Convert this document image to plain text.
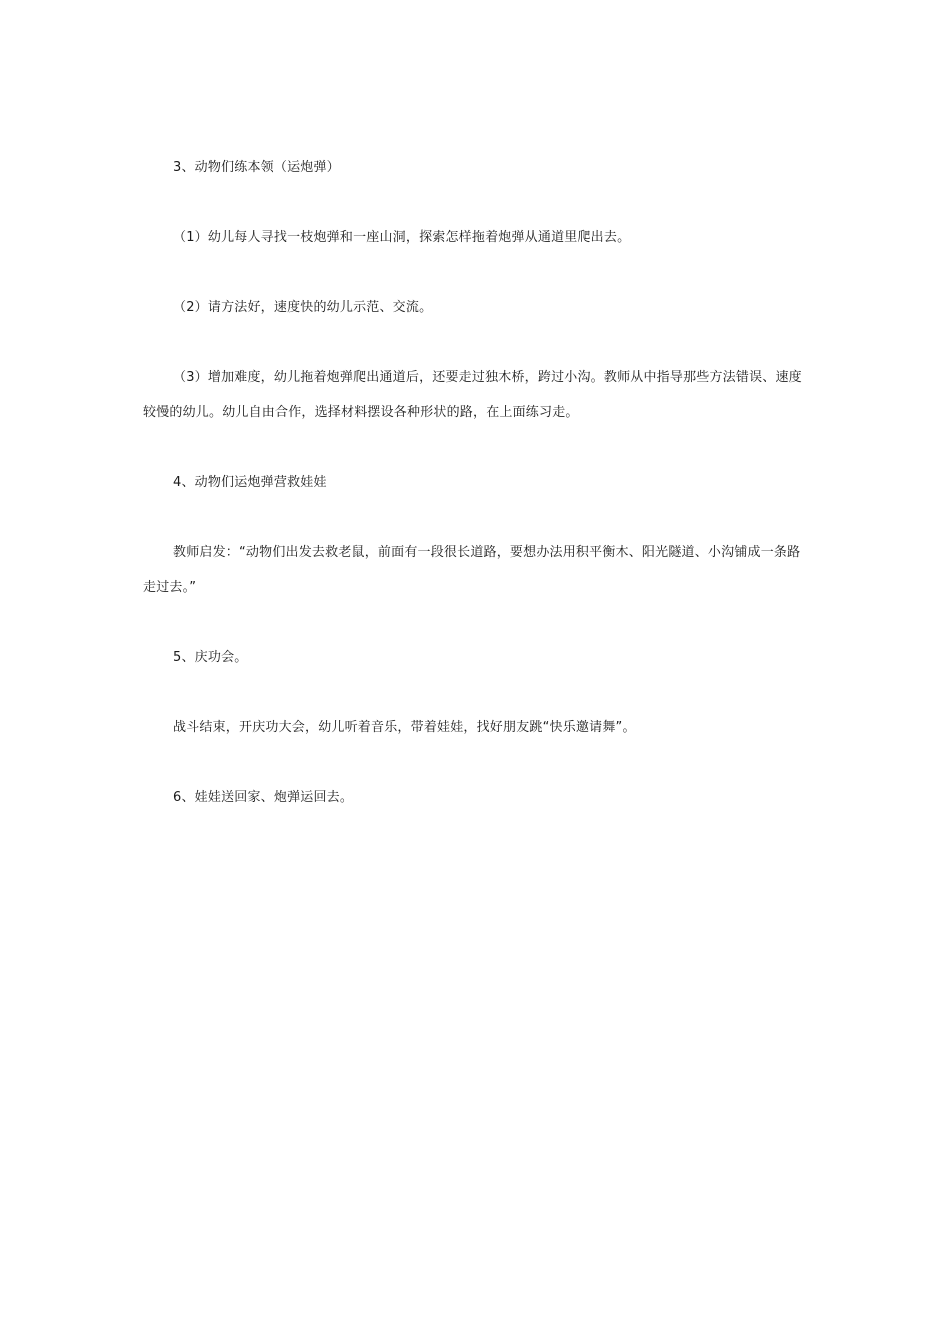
3、动物们练本领（运炮弹）

（1）幼儿每人寻找一枝炮弹和一座山洞，探索怎样拖着炮弹从通道里爬出去。

（2）请方法好，速度快的幼儿示范、交流。

（3）增加难度，幼儿拖着炮弹爬出通道后，还要走过独木桥，跨过小沟。教师从中指导那些方法错误、速度较慢的幼儿。幼儿自由合作，选择材料摆设各种形状的路，在上面练习走。

4、动物们运炮弹营救娃娃

教师启发：“动物们出发去救老鼠，前面有一段很长道路，要想办法用积平衡木、阳光隧道、小沟铺成一条路走过去。”

5、庆功会。

战斗结束，开庆功大会，幼儿听着音乐，带着娃娃，找好朋友跳“快乐邀请舞”。

6、娃娃送回家、炮弹运回去。
